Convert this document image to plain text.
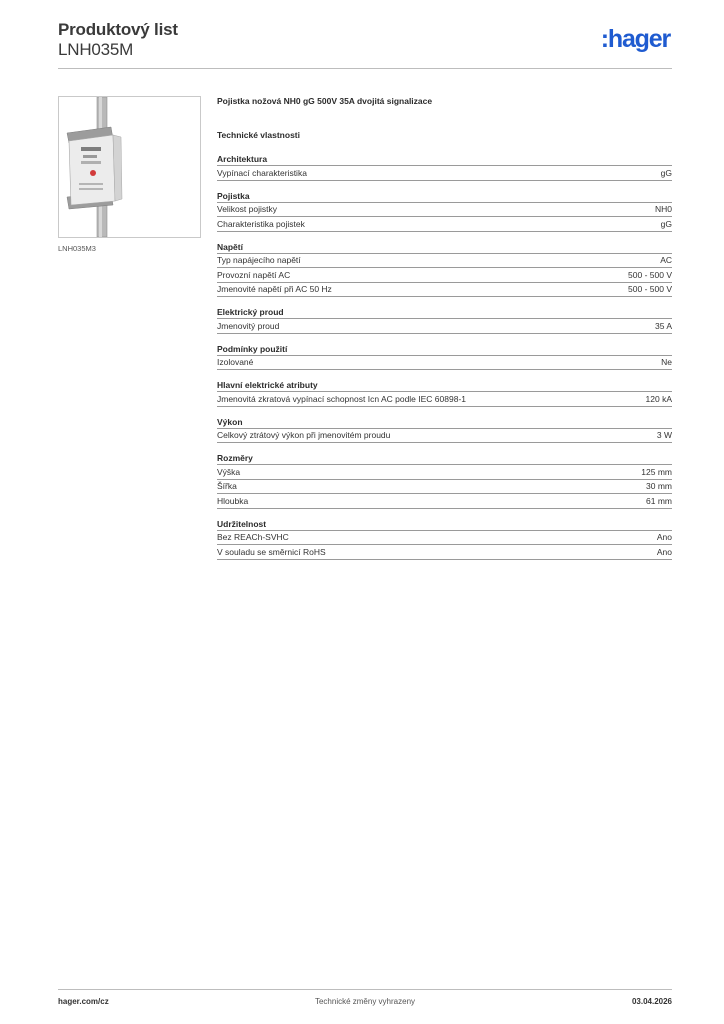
Produktový list
LNH035M	:hager
LNH035M3
Pojistka nožová NH0 gG 500V 35A dvojitá signalizace
Technické vlastnosti
Architektura
Vypínací charakteristika	gG
Pojistka
Velikost pojistky	NH0
Charakteristika pojistek	gG
Napětí
Typ napájecího napětí	AC
Provozní napětí AC	500 - 500 V
Jmenovité napětí při AC 50 Hz	500 - 500 V
Elektrický proud
Jmenovitý proud	35 A
Podmínky použití
Izolované	Ne
Hlavní elektrické atributy
Jmenovitá zkratová vypínací schopnost Icn AC podle IEC 60898-1	120 kA
Výkon
Celkový ztrátový výkon při jmenovitém proudu	3 W
Rozměry
Výška	125 mm
Šířka	30 mm
Hloubka	61 mm
Udržitelnost
Bez REACh-SVHC	Ano
V souladu se směrnicí RoHS	Ano
hager.com/cz	Technické změny vyhrazeny	03.04.2026
